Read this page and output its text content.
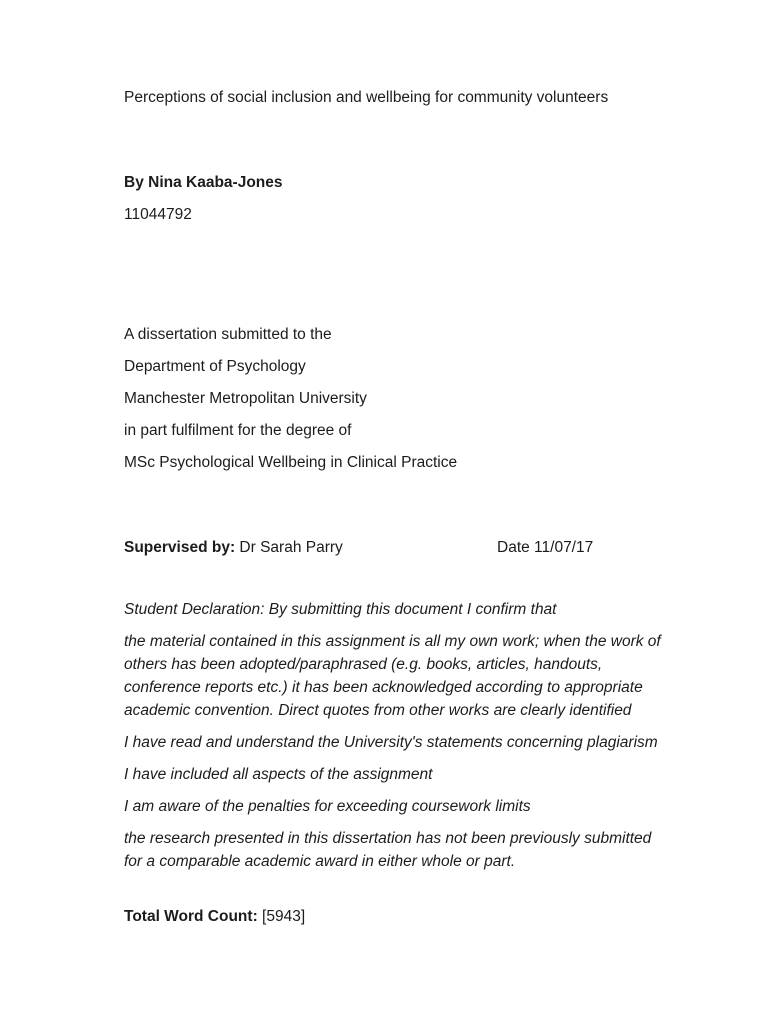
Perceptions of social inclusion and wellbeing for community volunteers

By Nina Kaaba-Jones

11044792

A dissertation submitted to the

Department of Psychology

Manchester Metropolitan University

in part fulfilment for the degree of

MSc Psychological Wellbeing in Clinical Practice

Supervised by: Dr Sarah Parry	Date 11/07/17

Student Declaration: By submitting this document I confirm that

the material contained in this assignment is all my own work; when the work of others has been adopted/paraphrased (e.g. books, articles, handouts, conference reports etc.) it has been acknowledged according to appropriate academic convention. Direct quotes from other works are clearly identified

I have read and understand the University's statements concerning plagiarism

I have included all aspects of the assignment

I am aware of the penalties for exceeding coursework limits

the research presented in this dissertation has not been previously submitted for a comparable academic award in either whole or part.

Total Word Count: [5943]
